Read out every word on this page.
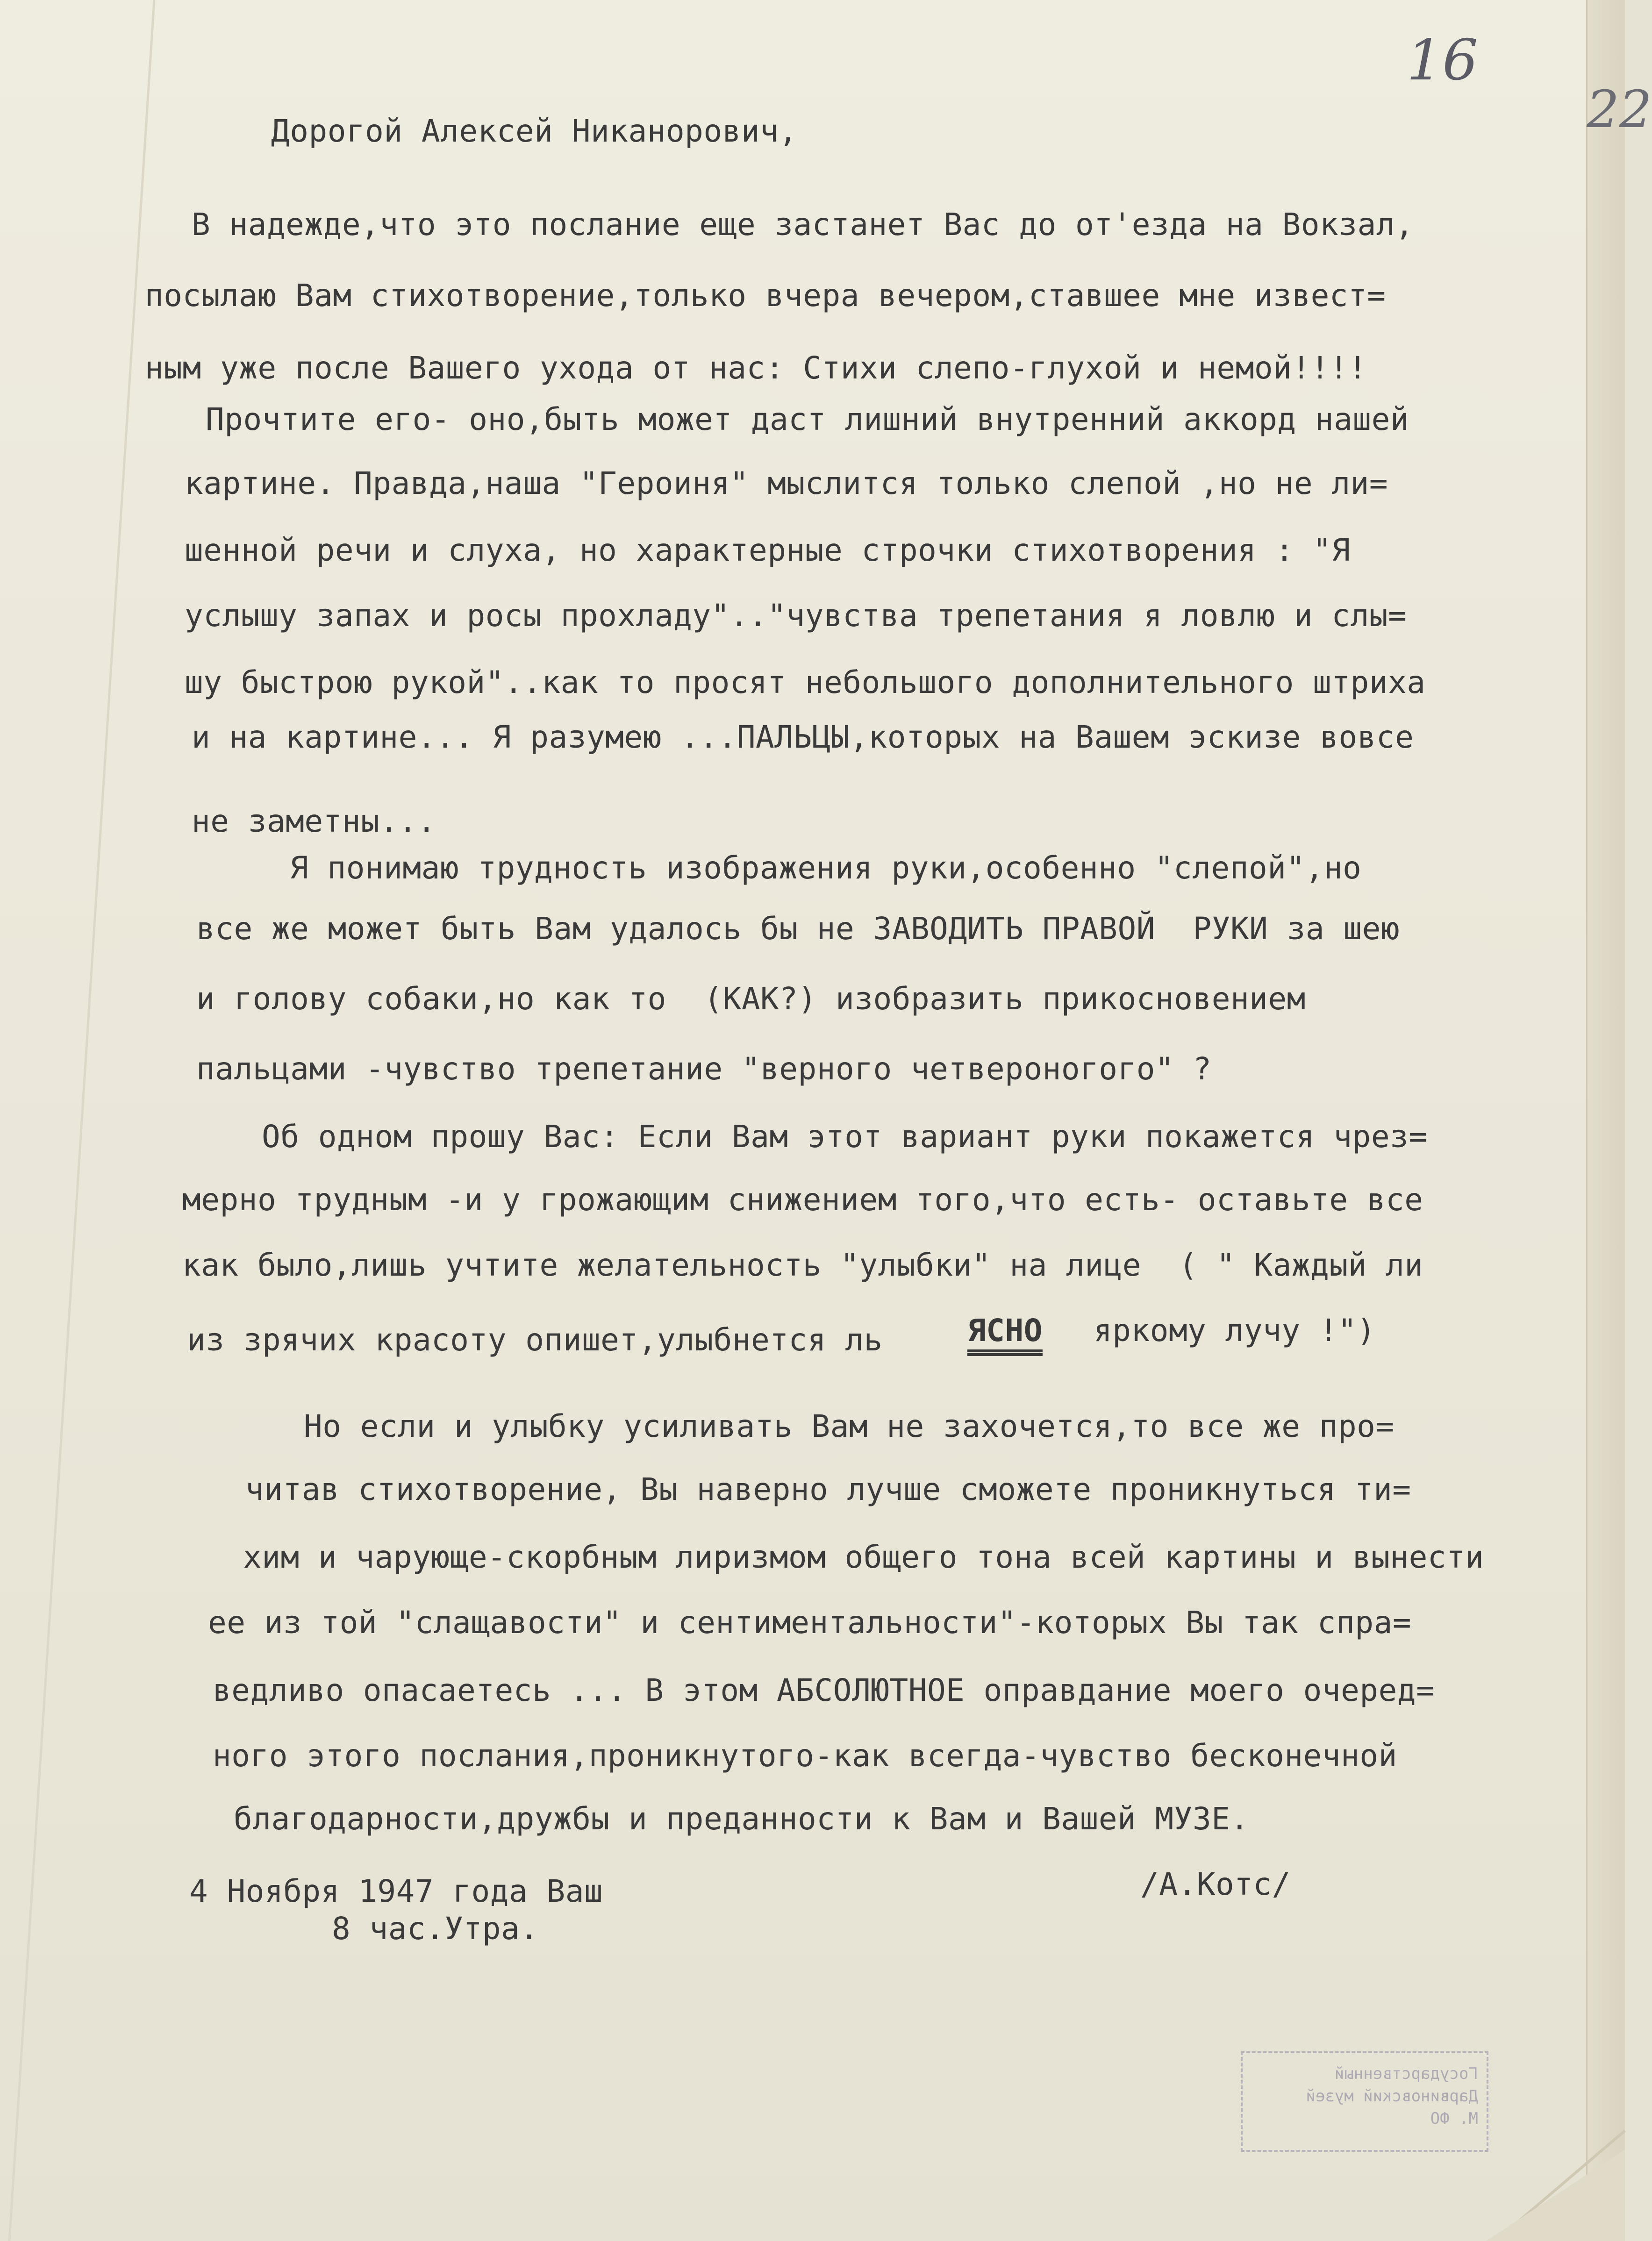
16
22
Дорогой Алексей Никанорович,
В надежде,что это послание еще застанет Вас до от'езда на Вокзал,
посылаю Вам стихотворение,только вчера вечером,ставшее мне извест=
ным уже после Вашего ухода от нас: Стихи слепо-глухой и немой!!!!
Прочтите его- оно,быть может даст лишний внутренний аккорд нашей
картине. Правда,наша "Героиня" мыслится только слепой ,но не ли=
шенной речи и слуха, но характерные строчки стихотворения : "Я
услышу запах и росы прохладу".."чувства трепетания я ловлю и слы=
шу быстрою рукой"..как то просят небольшого дополнительного штриха
и на картине... Я разумею ...ПАЛЬЦЫ,которых на Вашем эскизе вовсе
не заметны...
Я понимаю трудность изображения руки,особенно "слепой",но
все же может быть Вам удалось бы не ЗАВОДИТЬ ПРАВОЙ  РУКИ за шею
и голову собаки,но как то  (КАК?) изобразить прикосновением
пальцами -чувство трепетание "верного четвероногого" ?
Об одном прошу Вас: Если Вам этот вариант руки покажется чрез=
мерно трудным -и у грожающим снижением того,что есть- оставьте все
как было,лишь учтите желательность "улыбки" на лице  ( " Каждый ли
из зрячих красоту опишет,улыбнется ль	ЯСНО яркому лучу !")
Но если и улыбку усиливать Вам не захочется,то все же про=
читав стихотворение, Вы наверно лучше сможете проникнуться ти=
хим и чарующе-скорбным лиризмом общего тона всей картины и вынести
ее из той "слащавости" и сентиментальности"-которых Вы так спра=
ведливо опасаетесь ... В этом АБСОЛЮТНОЕ оправдание моего очеред=
ного этого послания,проникнутого-как всегда-чувство бесконечной
благодарности,дружбы и преданности к Вам и Вашей МУЗЕ.
4 Ноября 1947 года Ваш
8 час.Утра.
/А.Котс/
Государственный
Дарвиновский музей
М. ФО
